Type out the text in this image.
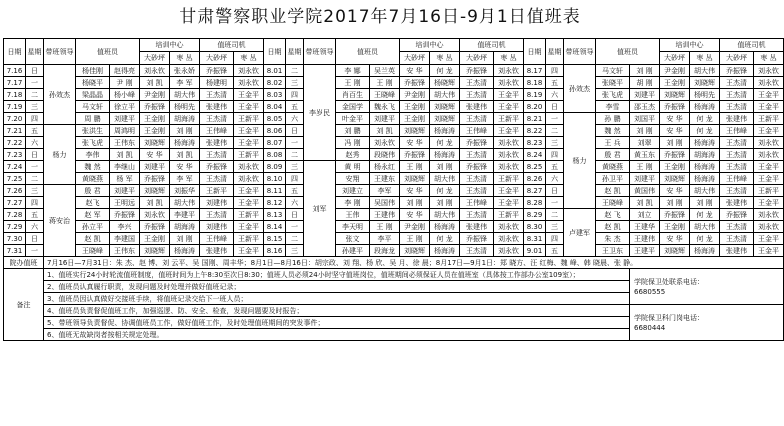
甘肃警察职业学院2017年7月16日-9月1日值班表
日期	星期	带班领导	值班员		培训中心		值班司机		日期	星期	带班领导	值班员		培训中心		值班司机		日期	星期	带班领导	值班员		培训中心		值班司机	
					大砂坪	枣 丛	大砂坪	枣 丛						大砂坪	枣 丛	大砂坪	枣 丛						大砂坪	枣 丛	大砂坪	枣 丛
7.16	日	孙效杰	杨佳刚	赵得亮	刘永钦	张永娇	乔振锋	刘永钦	8.01	二	李岁民	李 娜	吴兰英	安 华	何 龙	乔振锋	刘永钦	8.17	四	孙效杰	马文轩	刘 刚	尹金刚	胡大伟	乔振锋	刘永钦
7.17	一		杨晓平	尹 刚	刘 凯	李 军	杨建明	刘永钦	8.02	三		王 刚	王 刚	乔振锋	杨晓辉	王杰清	刘永钦	8.18	五		张晓平	胡 刚	王金刚	刘晓辉	王杰清	刘永钦
7.18	二		梁晶晶	杨小峰	尹金刚	胡大伟	王杰清	王金平	8.03	四		肖百生	王晓峰	尹金刚	胡大伟	王杰清	王金平	8.19	六		张飞虎	刘建平	刘晓辉	杨明先	王杰清	王金平
7.19	三		马文轩	徐立平	乔振锋	杨明先	张建伟	王金平	8.04	五		金国学	魏永飞	王金刚	刘晓辉	张建伟	王金平	8.20	日		李雪	邵玉杰	乔振锋	杨海涛	王杰清	王金平
7.20	四		周 鹏	刘建平	王金刚	胡海涛	王杰清	王新平	8.05	六		叶金平	刘建平	王金刚	刘晓辉	王杰清	王新平	8.21	一	杨力	孙 鹏	刘国平	安 华	何 龙	张建伟	王新平
7.21	五	杨力	张洪生	周鸿明	王金刚	刘 刚	王伟峰	王金平	8.06	日		刘 鹏	刘 凯	刘晓辉	杨海涛	王伟峰	王金平	8.22	二		魏 然	刘 刚	安 华	何 龙	王伟峰	王金平
7.22	六		张飞虎	王伟东	刘晓辉	杨海涛	张建伟	王金平	8.07	一		冯 刚	刘永钦	安 华	何 龙	乔振锋	刘永钦	8.23	三		王 兵	刘翠	刘 刚	杨海涛	王杰清	刘永钦
7.23	日		李伟	刘 凯	安 华	刘 凯	王杰清	王新平	8.08	二		赵秀	段晓伟	乔振锋	杨海涛	王杰清	刘永钦	8.24	四		殷 君	黄玉东	乔振锋	胡海涛	王杰清	刘永钦
7.24	一		魏 然	李继山	刘建平	安 华	乔振锋	刘永钦	8.09	三	刘军	黄 明	杨永红	王 刚	刘 刚	乔振锋	刘永钦	8.25	五		黄晓燕	王 刚	王金刚	杨海涛	王杰清	王金平
7.25	二		黄晓燕	杨 军	乔振锋	李 军	王杰清	刘永钦	8.10	四		安翔	王建东	刘晓辉	胡大伟	王杰清	王新平	8.26	六		孙卫平	刘建平	刘晓辉	杨海涛	王伟峰	王金平
7.26	三	蒋安治	殷 君	刘建平	刘晓辉	刘振华	王新平	王金平	8.11	五		刘建立	李军	安 华	何 龙	王杰清	王金平	8.27	日		赵 凯	黄国伟	安 华	胡大伟	王杰清	王新平
7.27	四		赵飞	王明远	刘 凯	胡大伟	刘建伟	王金平	8.12	六		李 刚	吴国伟	刘 刚	刘 刚	王伟峰	王金平	8.28	一		王晓峰	刘 凯	刘 刚	刘 刚	张建伟	王金平
7.28	五		赵 军	乔振锋	刘永钦	李建平	王杰清	王新平	8.13	日		王伟	王建伟	安 华	胡大伟	王杰清	王新平	8.29	二	卢建军	赵 飞	刘立	乔振锋	何 龙	乔振锋	刘永钦
7.29	六		孙立平	李兴	乔振锋	胡海涛	刘建伟	王金平	8.14	一		李天明	王 刚	尹金刚	杨海涛	张建伟	刘永钦	8.30	三		赵 凯	王建华	王金刚	胡大伟	王杰清	刘永钦
7.30	日		赵 凯	李建国	王金刚	刘 刚	王伟峰	王新平	8.15	二		张文	李平	王 刚	何 龙	乔振锋	刘永钦	8.31	四		朱 杰	王建伟	安 华	何 龙	王杰清	王金平
7.31	一		王晓峰	王伟东	刘晓辉	杨海涛	张建伟	王金平	8.16	三		孙建平	段海龙	刘晓辉	杨海涛	王杰清	刘永钦	9.01	五		王卫东	王建平	刘晓辉	杨海涛	张建伟	王金平
院办值班		7月16日—7月31日：朱 杰、赵 博、刘 云平、吴 国刚、周丰华；8月1日—8月16日：胡宗政、刘 翔、杨 欣、吴 月、徐 晨；8月17日—9月1日：郑 晓方、汪 红梅、魏 峰、韩 晓晨、张 静。																								
备注		1、值班实行24小时轮流值班制度，值班时间为上午8:30至次日8:30；值班人员必须24小时坚守值班岗位，值班期间必须保证人员在值班室（具体按工作部办公室109室）；																				学院保卫处联系电话：
6680555				

		2、值班员认真履行职责，发现问题及时处理并做好值班记录；																								
		3、值班员因认真做好交接班手续，将值班记录交给下一班人员；																								
		4、值班员负责督促值班工作，加强巡逻、防、安全、检查，发现问题要及时报告；																				学院保卫科门岗电话：
6680444				

		5、带班领导负责督促、协调值班员工作，做好值班工作，及时处理值班期间的突发事件；																								
		6、值班无故缺岗者按相关规定处理。																								
